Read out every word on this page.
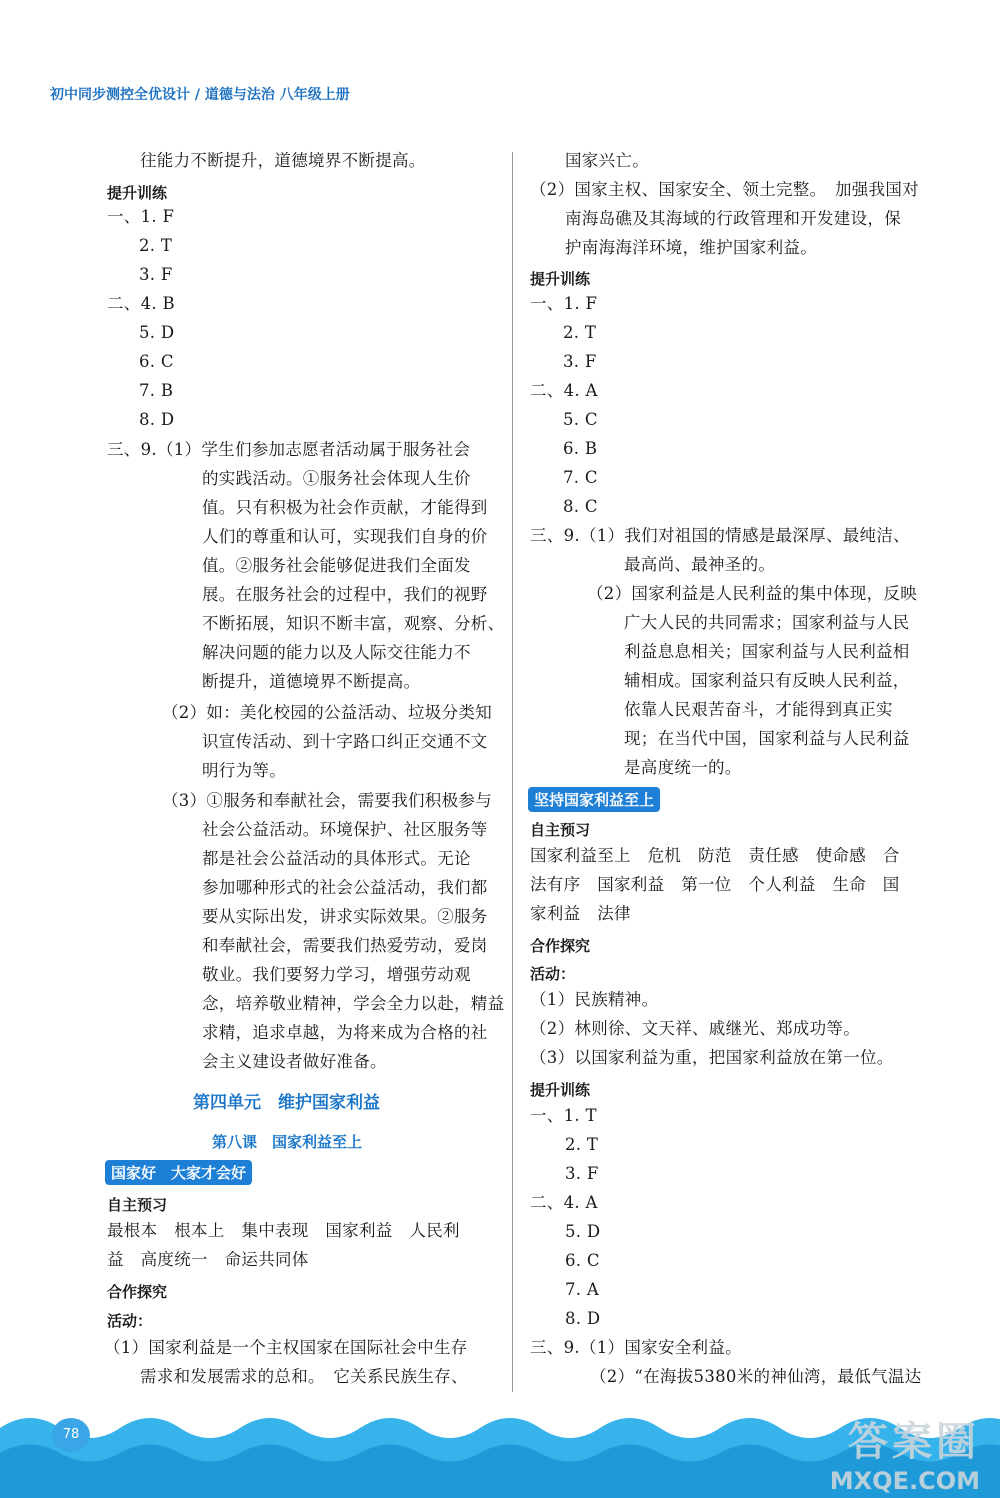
初中同步测控全优设计 / 道德与法治 八年级上册
往能力不断提升，道德境界不断提高。
提升训练
一、1. F
2. T
3. F
二、4. B
5. D
6. C
7. B
8. D
三、9.（1）学生们参加志愿者活动属于服务社会
的实践活动。①服务社会体现人生价
值。只有积极为社会作贡献，才能得到
人们的尊重和认可，实现我们自身的价
值。②服务社会能够促进我们全面发
展。在服务社会的过程中，我们的视野
不断拓展，知识不断丰富，观察、分析、
解决问题的能力以及人际交往能力不
断提升，道德境界不断提高。
（2）如：美化校园的公益活动、垃圾分类知
识宣传活动、到十字路口纠正交通不文
明行为等。
（3）①服务和奉献社会，需要我们积极参与
社会公益活动。环境保护、社区服务等
都是社会公益活动的具体形式。无论
参加哪种形式的社会公益活动，我们都
要从实际出发，讲求实际效果。②服务
和奉献社会，需要我们热爱劳动，爱岗
敬业。我们要努力学习，增强劳动观
念，培养敬业精神，学会全力以赴，精益
求精，追求卓越，为将来成为合格的社
会主义建设者做好准备。
最根本　根本上　集中表现　国家利益　人民利
益　高度统一　命运共同体
合作探究
活动：
（1）国家利益是一个主权国家在国际社会中生存
需求和发展需求的总和。　它关系民族生存、
国家兴亡。
（2）国家主权、国家安全、领土完整。　加强我国对
南海岛礁及其海域的行政管理和开发建设，保
护南海海洋环境，维护国家利益。
提升训练
一、1. F
2. T
3. F
二、4. A
5. C
6. B
7. C
8. C
三、9.（1）我们对祖国的情感是最深厚、最纯洁、
最高尚、最神圣的。
（2）国家利益是人民利益的集中体现，反映
广大人民的共同需求；国家利益与人民
利益息息相关；国家利益与人民利益相
辅相成。国家利益只有反映人民利益，
依靠人民艰苦奋斗，才能得到真正实
现；在当代中国，国家利益与人民利益
是高度统一的。
自主预习
国家利益至上　危机　防范　责任感　使命感　合
法有序　国家利益　第一位　个人利益　生命　国
家利益　法律
合作探究
活动：
（1）民族精神。
（2）林则徐、文天祥、戚继光、郑成功等。
（3）以国家利益为重，把国家利益放在第一位。
提升训练
一、1. T
2. T
3. F
二、4. A
5. D
6. C
7. A
8. D
三、9.（1）国家安全利益。
（2）“在海拔5380米的神仙湾，最低气温达
第四单元　维护国家利益
第八课　国家利益至上
国家好　大家才会好
自主预习
坚持国家利益至上
78	答案圈
MXQE.COM
